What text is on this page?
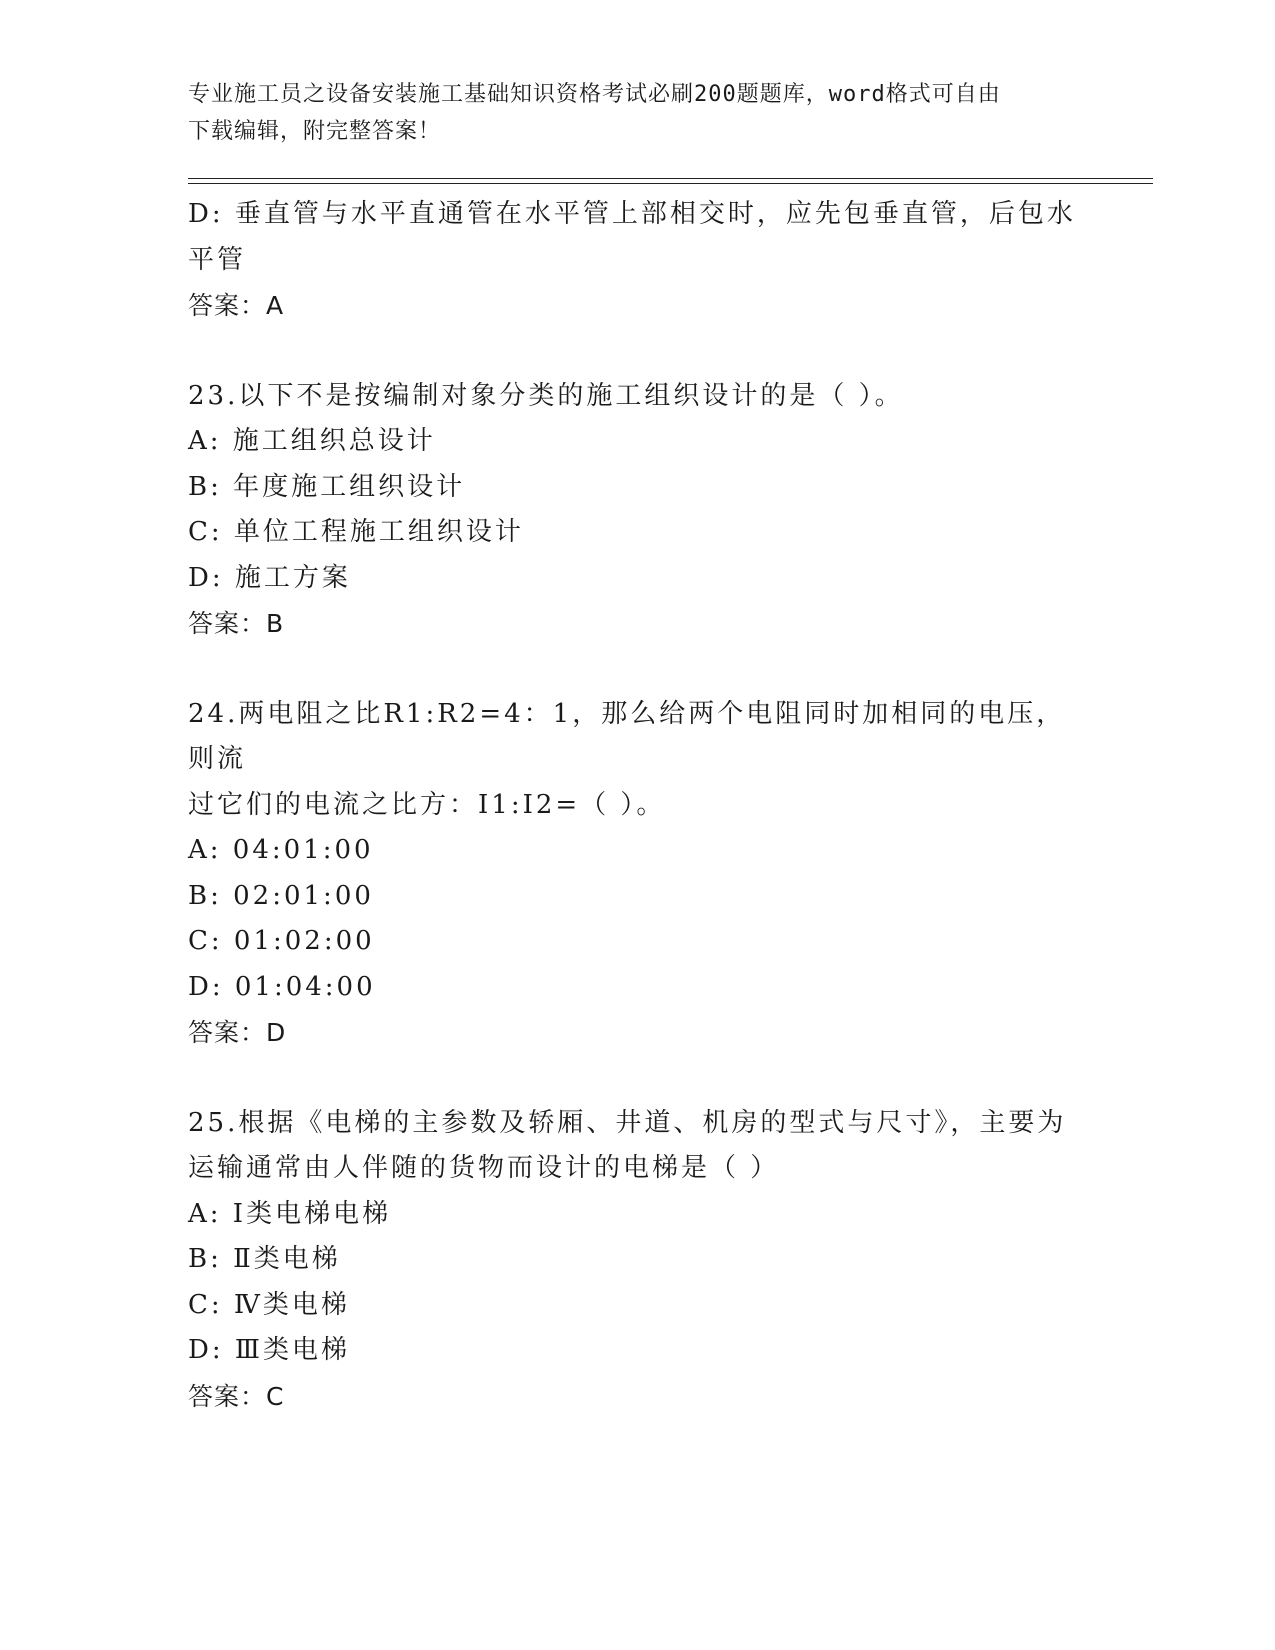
专业施工员之设备安装施工基础知识资格考试必刷200题题库，word格式可自由
下载编辑，附完整答案！
D: 垂直管与水平直通管在水平管上部相交时，应先包垂直管，后包水
平管
答案：A
23.以下不是按编制对象分类的施工组织设计的是（ ）。
A: 施工组织总设计
B: 年度施工组织设计
C: 单位工程施工组织设计
D: 施工方案
答案：B
24.两电阻之比R1:R2=4：1，那么给两个电阻同时加相同的电压，则流
过它们的电流之比方：I1:I2=（ ）。
A: 04:01:00
B: 02:01:00
C: 01:02:00
D: 01:04:00
答案：D
25.根据《电梯的主参数及轿厢、井道、机房的型式与尺寸》，主要为
运输通常由人伴随的货物而设计的电梯是（ ）
A: Ⅰ类电梯电梯
B: Ⅱ类电梯
C: Ⅳ类电梯
D: Ⅲ类电梯
答案：C
